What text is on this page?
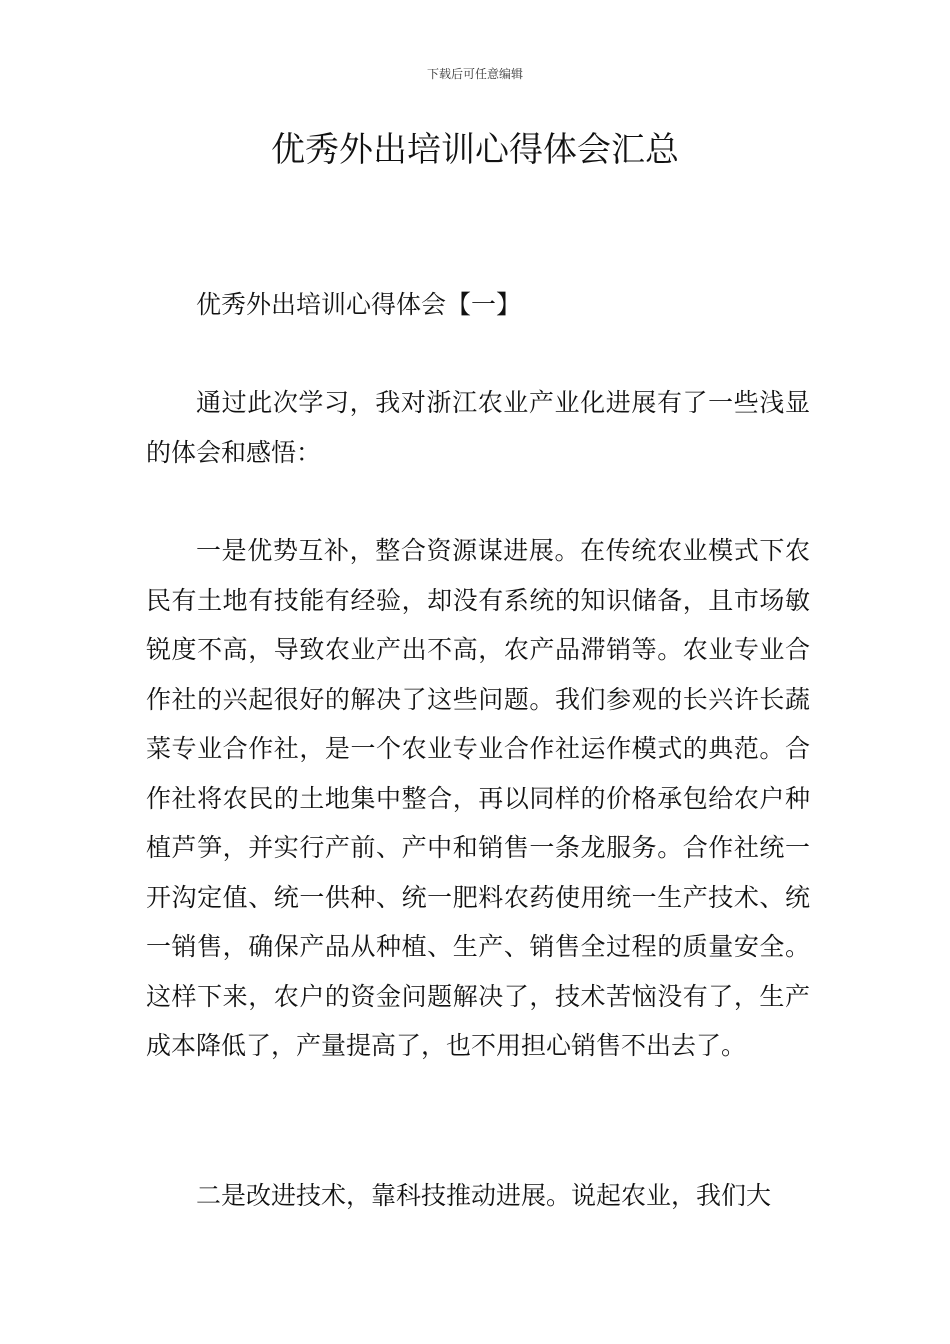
下载后可任意编辑
优秀外出培训心得体会汇总

优秀外出培训心得体会【一】

通过此次学习，我对浙江农业产业化进展有了一些浅显的体会和感悟：

一是优势互补，整合资源谋进展。在传统农业模式下农民有土地有技能有经验，却没有系统的知识储备，且市场敏锐度不高，导致农业产出不高，农产品滞销等。农业专业合作社的兴起很好的解决了这些问题。我们参观的长兴许长蔬菜专业合作社，是一个农业专业合作社运作模式的典范。合作社将农民的土地集中整合，再以同样的价格承包给农户种植芦笋，并实行产前、产中和销售一条龙服务。合作社统一开沟定值、统一供种、统一肥料农药使用统一生产技术、统一销售，确保产品从种植、生产、销售全过程的质量安全。这样下来，农户的资金问题解决了，技术苦恼没有了，生产成本降低了，产量提高了，也不用担心销售不出去了。

二是改进技术，靠科技推动进展。说起农业，我们大
